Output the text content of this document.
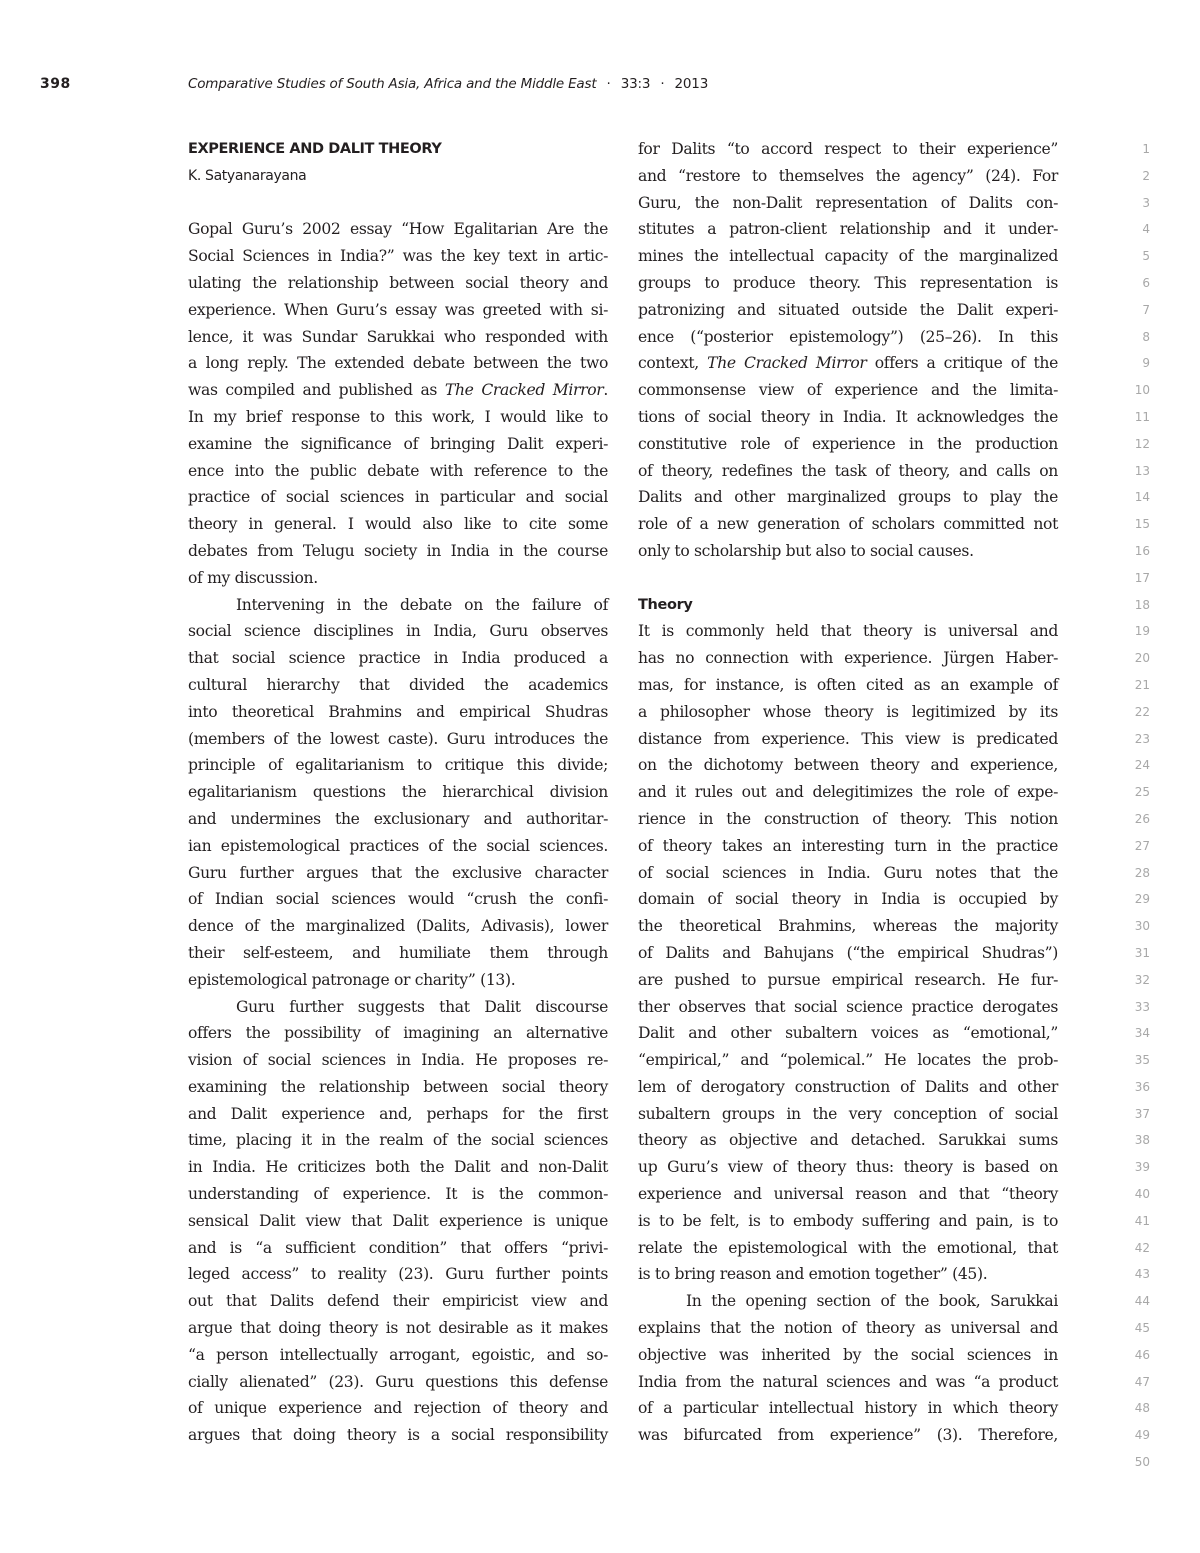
398	Comparative Studies of South Asia, Africa and the Middle East · 33:3 · 2013
EXPERIENCE AND DALIT THEORY
K. Satyanarayana
Gopal Guru’s 2002 essay “How Egalitarian Are the
Social Sciences in India?” was the key text in artic-
ulating the relationship between social theory and
experience. When Guru’s essay was greeted with si-
lence, it was Sundar Sarukkai who responded with
a long reply. The extended debate between the two
was compiled and published as The Cracked Mirror.
In my brief response to this work, I would like to
examine the significance of bringing Dalit experi-
ence into the public debate with reference to the
practice of social sciences in particular and social
theory in general. I would also like to cite some
debates from Telugu society in India in the course
of my discussion.
Intervening in the debate on the failure of
social science disciplines in India, Guru observes
that social science practice in India produced a
cultural hierarchy that divided the academics
into theoretical Brahmins and empirical Shudras
(members of the lowest caste). Guru introduces the
principle of egalitarianism to critique this divide;
egalitarianism questions the hierarchical division
and undermines the exclusionary and authoritar-
ian epistemological practices of the social sciences.
Guru further argues that the exclusive character
of Indian social sciences would “crush the confi-
dence of the marginalized (Dalits, Adivasis), lower
their self-esteem, and humiliate them through
epistemological patronage or charity” (13).
Guru further suggests that Dalit discourse
offers the possibility of imagining an alternative
vision of social sciences in India. He proposes re-
examining the relationship between social theory
and Dalit experience and, perhaps for the first
time, placing it in the realm of the social sciences
in India. He criticizes both the Dalit and non-Dalit
understanding of experience. It is the common-
sensical Dalit view that Dalit experience is unique
and is “a sufficient condition” that offers “privi-
leged access” to reality (23). Guru further points
out that Dalits defend their empiricist view and
argue that doing theory is not desirable as it makes
“a person intellectually arrogant, egoistic, and so-
cially alienated” (23). Guru questions this defense
of unique experience and rejection of theory and
argues that doing theory is a social responsibility
for Dalits “to accord respect to their experience”
and “restore to themselves the agency” (24). For
Guru, the non-Dalit representation of Dalits con-
stitutes a patron-client relationship and it under-
mines the intellectual capacity of the marginalized
groups to produce theory. This representation is
patronizing and situated outside the Dalit experi-
ence (“posterior epistemology”) (25–26). In this
context, The Cracked Mirror offers a critique of the
commonsense view of experience and the limita-
tions of social theory in India. It acknowledges the
constitutive role of experience in the production
of theory, redefines the task of theory, and calls on
Dalits and other marginalized groups to play the
role of a new generation of scholars committed not
only to scholarship but also to social causes.
Theory
It is commonly held that theory is universal and
has no connection with experience. Jürgen Haber-
mas, for instance, is often cited as an example of
a philosopher whose theory is legitimized by its
distance from experience. This view is predicated
on the dichotomy between theory and experience,
and it rules out and delegitimizes the role of expe-
rience in the construction of theory. This notion
of theory takes an interesting turn in the practice
of social sciences in India. Guru notes that the
domain of social theory in India is occupied by
the theoretical Brahmins, whereas the majority
of Dalits and Bahujans (“the empirical Shudras”)
are pushed to pursue empirical research. He fur-
ther observes that social science practice derogates
Dalit and other subaltern voices as “emotional,”
“empirical,” and “polemical.” He locates the prob-
lem of derogatory construction of Dalits and other
subaltern groups in the very conception of social
theory as objective and detached. Sarukkai sums
up Guru’s view of theory thus: theory is based on
experience and universal reason and that “theory
is to be felt, is to embody suffering and pain, is to
relate the epistemological with the emotional, that
is to bring reason and emotion together” (45).
In the opening section of the book, Sarukkai
explains that the notion of theory as universal and
objective was inherited by the social sciences in
India from the natural sciences and was “a product
of a particular intellectual history in which theory
was bifurcated from experience” (3). Therefore,
1
2
3
4
5
6
7
8
9
10
11
12
13
14
15
16
17
18
19
20
21
22
23
24
25
26
27
28
29
30
31
32
33
34
35
36
37
38
39
40
41
42
43
44
45
46
47
48
49
50
